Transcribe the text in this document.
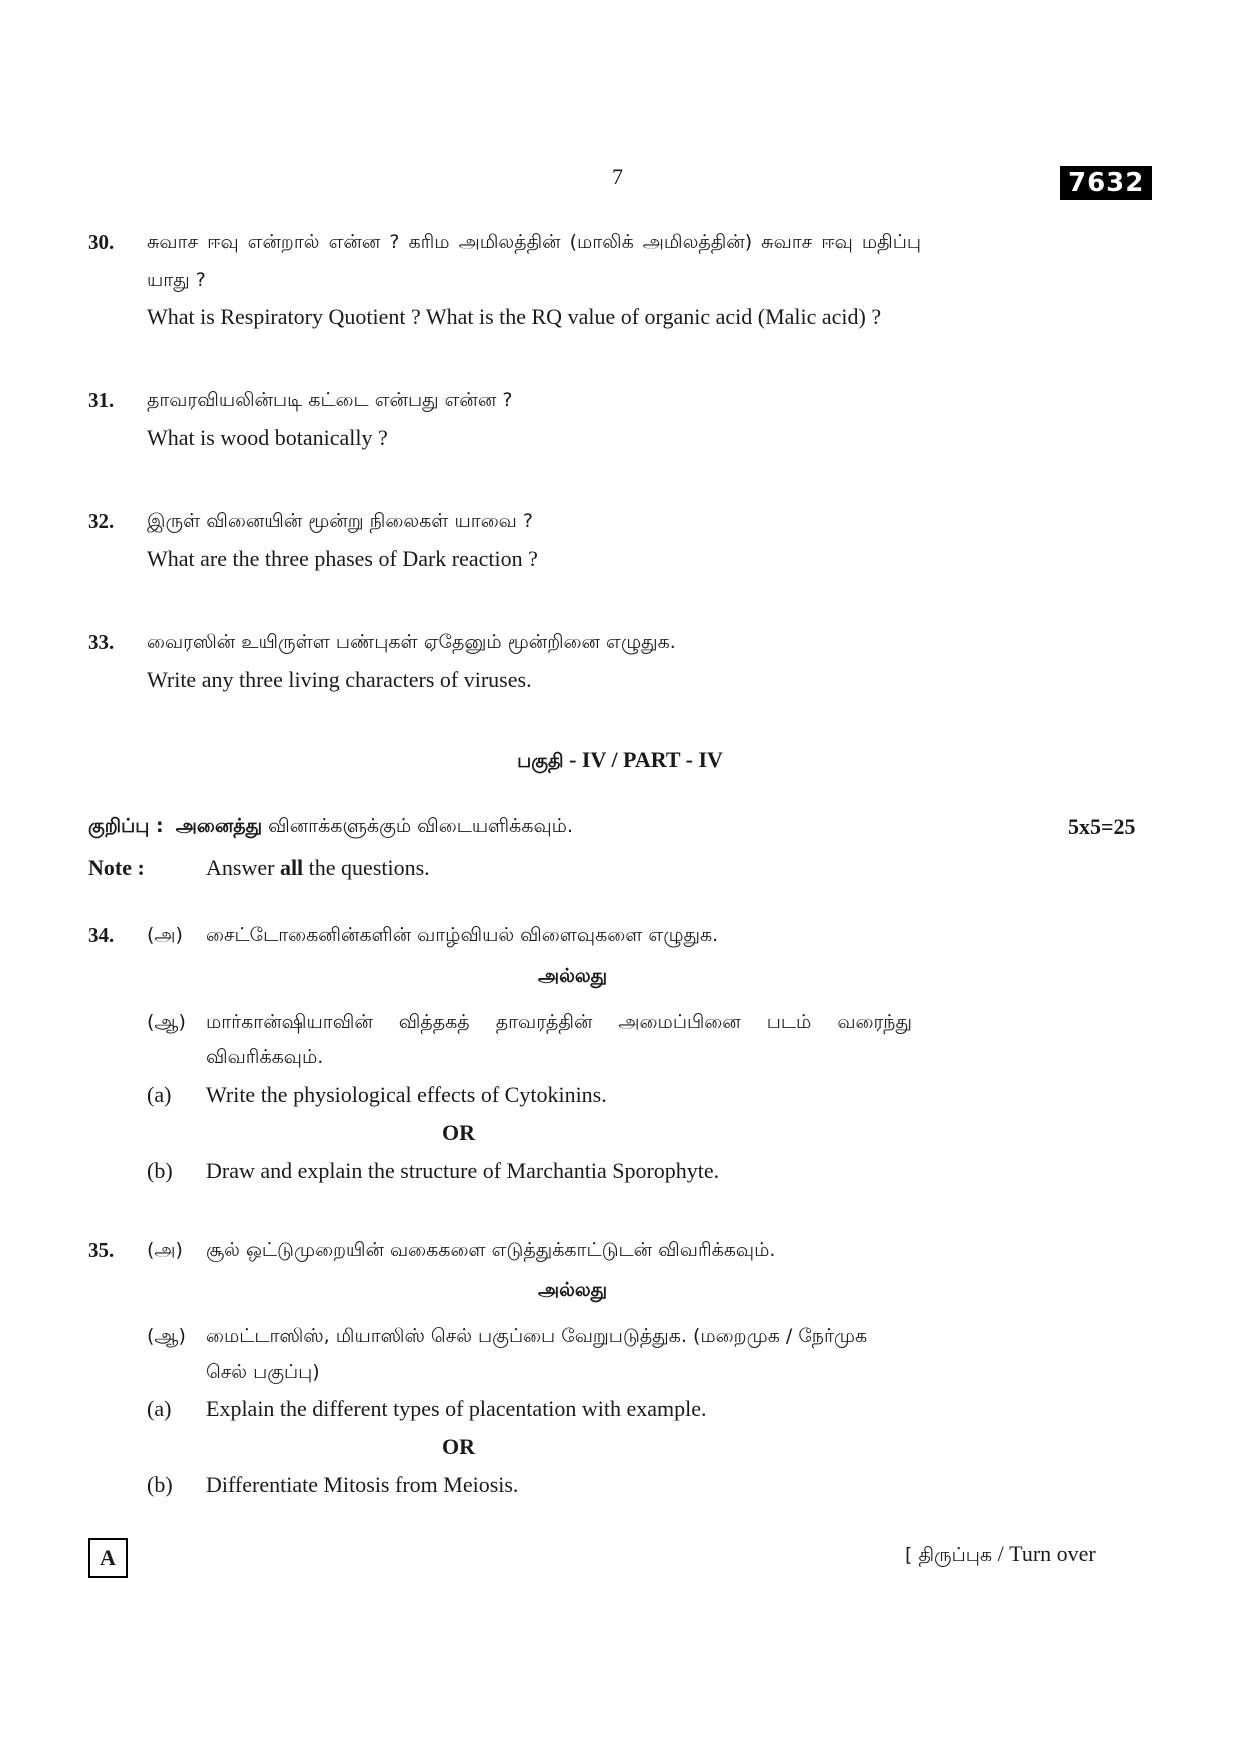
7	7632
30. சுவாச ஈவு என்றால் என்ன ? கரிம அமிலத்தின் (மாலிக் அமிலத்தின்) சுவாச ஈவு மதிப்பு
யாது ?
What is Respiratory Quotient ? What is the RQ value of organic acid (Malic acid) ?
31. தாவரவியலின்படி கட்டை என்பது என்ன ?
What is wood botanically ?
32. இருள் வினையின் மூன்று நிலைகள் யாவை ?
What are the three phases of Dark reaction ?
33. வைரஸின் உயிருள்ள பண்புகள் ஏதேனும் மூன்றினை எழுதுக.
Write any three living characters of viruses.
பகுதி - IV / PART - IV
குறிப்பு : அனைத்து வினாக்களுக்கும் விடையளிக்கவும்.	5x5=25
Note :	Answer all the questions.
34. (அ) சைட்டோகைனின்களின் வாழ்வியல் விளைவுகளை எழுதுக.
அல்லது
(ஆ) மார்கான்ஷியாவின் வித்தகத் தாவரத்தின் அமைப்பினை படம் வரைந்து
விவரிக்கவும்.
(a) Write the physiological effects of Cytokinins.
OR
(b) Draw and explain the structure of Marchantia Sporophyte.
35. (அ) சூல் ஒட்டுமுறையின் வகைகளை எடுத்துக்காட்டுடன் விவரிக்கவும்.
அல்லது
(ஆ) மைட்டாஸிஸ், மியாஸிஸ் செல் பகுப்பை வேறுபடுத்துக. (மறைமுக / நேர்முக
செல் பகுப்பு)
(a) Explain the different types of placentation with example.
OR
(b) Differentiate Mitosis from Meiosis.
A	[ திருப்புக / Turn over
